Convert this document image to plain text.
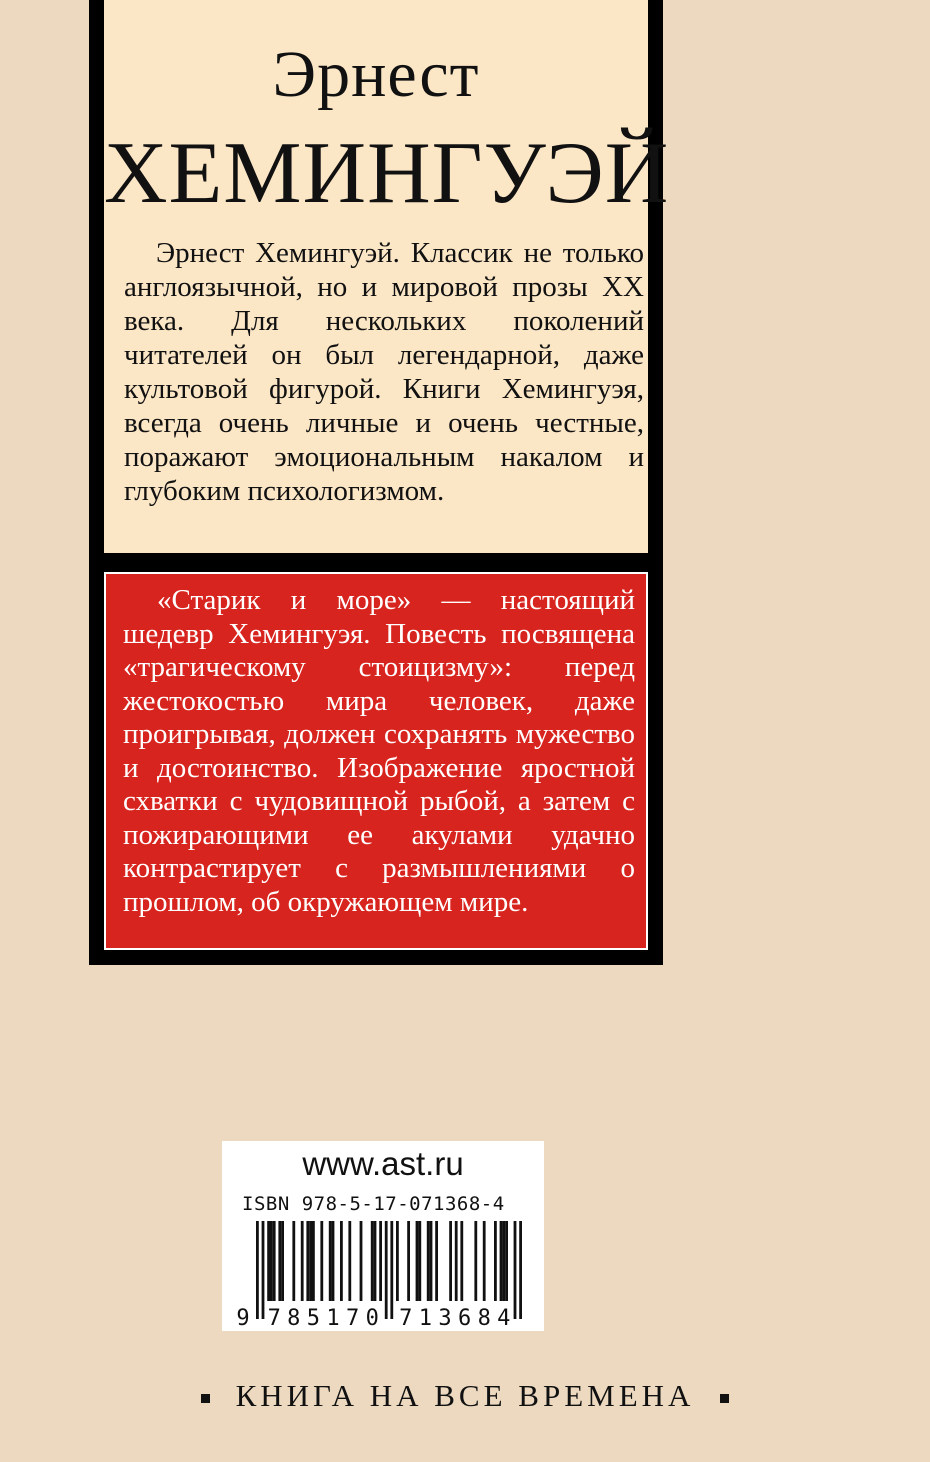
Эрнест
ХЕМИНГУЭЙ

Эрнест Хемингуэй. Классик не только англоязычной, но и мировой прозы XX века. Для нескольких поколений читателей он был легендарной, даже культовой фигурой. Книги Хемингуэя, всегда очень личные и очень честные, поражают эмоциональным накалом и глубоким психологизмом.

«Старик и море» — настоящий шедевр Хемингуэя. Повесть посвящена «трагическому стоицизму»: перед жестокостью мира человек, даже проигрывая, должен сохранять мужество и достоинство. Изображение яростной схватки с чудовищной рыбой, а затем с пожирающими ее акулами удачно контрастирует с размышлениями о прошлом, об окружающем мире.

www.ast.ru
ISBN 978-5-17-071368-4
9 7 8 5 1 7 0 7 1 3 6 8 4
КНИГА НА ВСЕ ВРЕМЕНА
